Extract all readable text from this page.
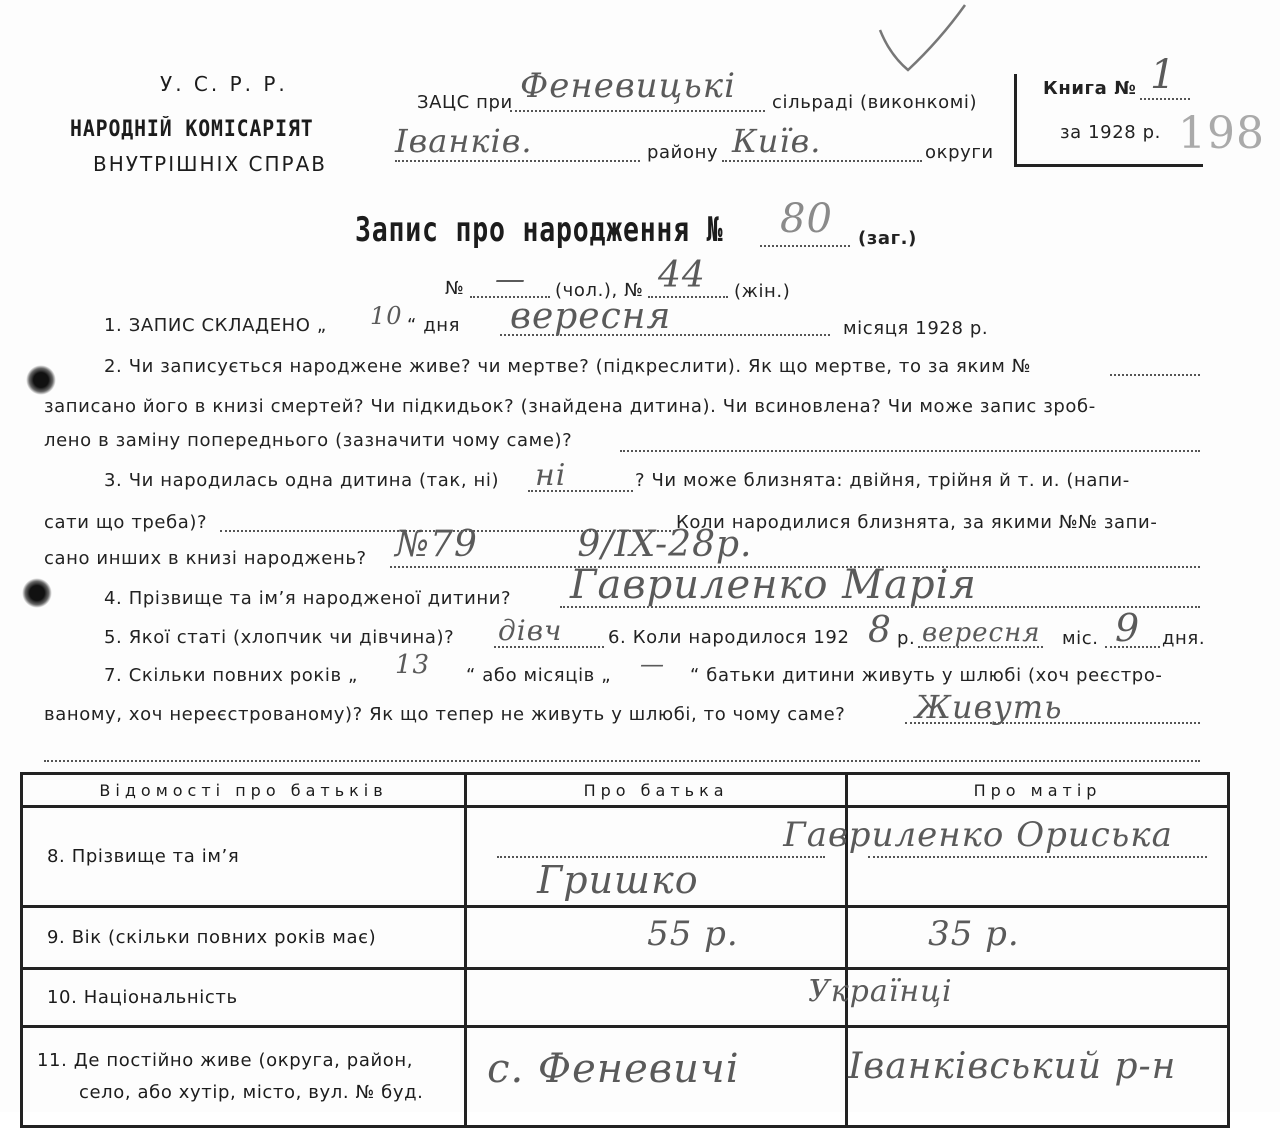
У. С. Р. Р.
НАРОДНІЙ КОМІСАРІЯТ
ВНУТРІШНІХ СПРАВ
ЗАЦС при Феневицькі сільраді (виконкомі)
Іванків.	району Київ.	округи
Книга № 1
за 1928 р. 198
Запис про народження № 80 (заг.)
№ — (чол.), № 44 (жін.)
1. ЗАПИС СКЛАДЕНО „ 10 “ дня вересня	місяця 1928 р.
2. Чи записується народжене живе? чи мертве? (підкреслити). Як що мертве, то за яким №
записано його в книзі смертей? Чи підкидьок? (знайдена дитина). Чи всиновлена? Чи може запис зроб-
лено в заміну попереднього (зазначити чому саме)?
3. Чи народилась одна дитина (так, ні) ні	? Чи може близнята: двійня, трійня й т. и. (напи-
сати що треба)?	Коли народилися близнята, за якими №№ запи-
сано инших в книзі народжень? №79        9/IX-28р.
4. Прізвище та ім’я народженої дитини? Гавриленко Марія
5. Якої статі (хлопчик чи дівчина)? дівч	6. Коли народилося 192 8 р. вересня міс. 9 дня.
7. Скільки повних років „ 13 “ або місяців „ — “ батьки дитини живуть у шлюбі (хоч реєстро-
ваному, хоч нереєстрованому)? Як що тепер не живуть у шлюбі, то чому саме? Живуть
Відомості про батьків	Про батька	Про матір
8. Прізвище та ім’я	Гришко	Гавриленко Ориська

9. Вік (скільки повних років має)	55 р.	35 р.

10. Національність		Українці

11. Де постійно живе (округа, район,
село, або хутір, місто, вул. № буд.	с. Феневичі	Іванківський р-н
